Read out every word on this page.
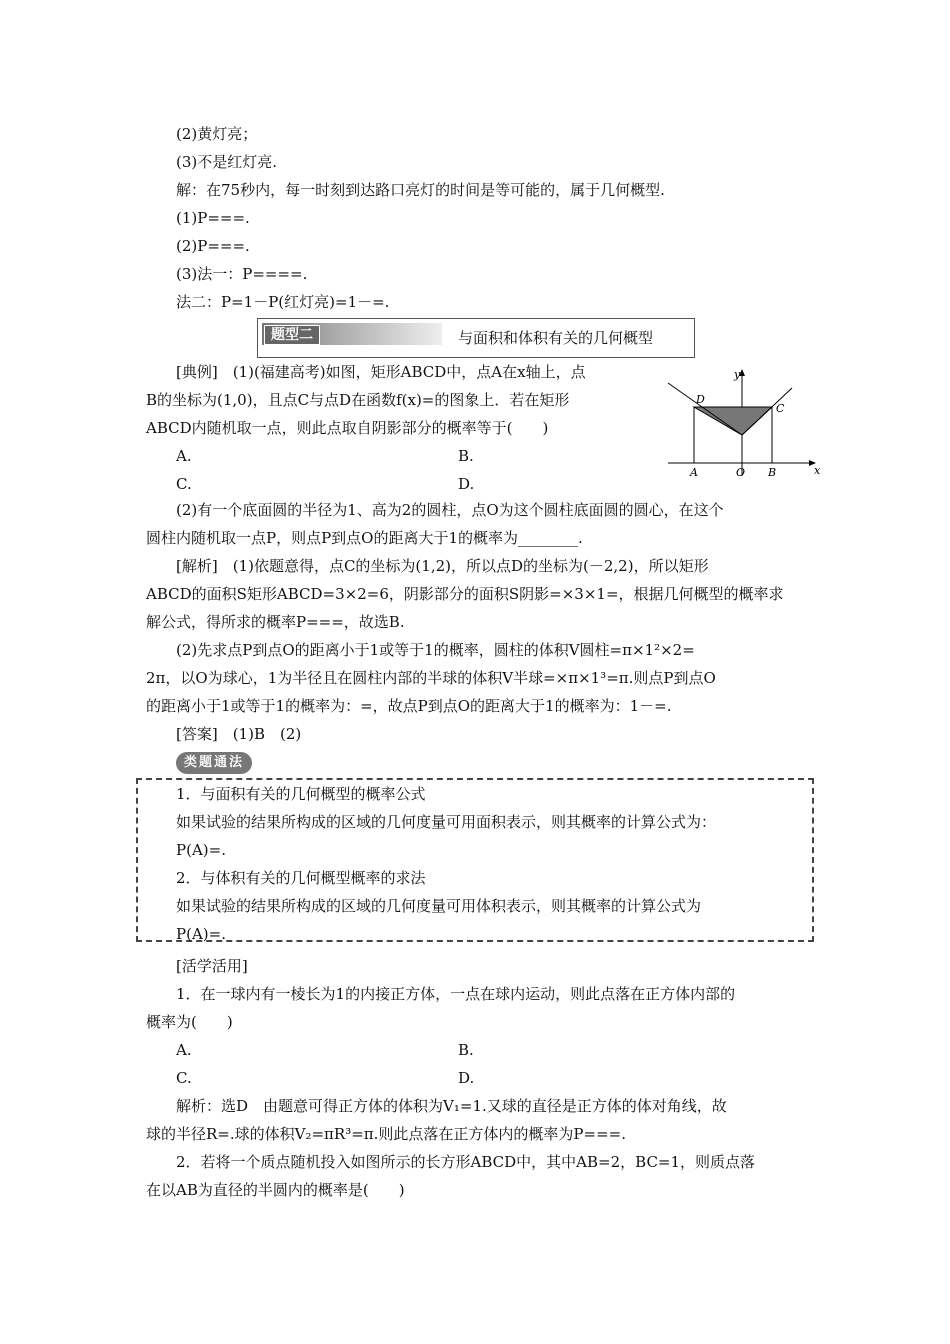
(2)黄灯亮；
(3)不是红灯亮.
解：在75秒内，每一时刻到达路口亮灯的时间是等可能的，属于几何概型.
(1)P===.
(2)P===.
(3)法一：P====.
法二：P=1－P(红灯亮)=1－=.
题型二	与面积和体积有关的几何概型
[典例]　(1)(福建高考)如图，矩形ABCD中，点A在x轴上，点
B的坐标为(1,0)，且点C与点D在函数f(x)=的图象上．若在矩形
ABCD内随机取一点，则此点取自阴影部分的概率等于(　　)
A.	B.
C.	D.
y
x
D
C
A	O B
(2)有一个底面圆的半径为1、高为2的圆柱，点O为这个圆柱底面圆的圆心，在这个
圆柱内随机取一点P，则点P到点O的距离大于1的概率为________.
[解析]　(1)依题意得，点C的坐标为(1,2)，所以点D的坐标为(－2,2)，所以矩形
ABCD的面积S矩形ABCD=3×2=6，阴影部分的面积S阴影=×3×1=，根据几何概型的概率求
解公式，得所求的概率P===，故选B.
(2)先求点P到点O的距离小于1或等于1的概率，圆柱的体积V圆柱=π×1²×2=
2π，以O为球心，1为半径且在圆柱内部的半球的体积V半球=×π×1³=π.则点P到点O
的距离小于1或等于1的概率为：=，故点P到点O的距离大于1的概率为：1－=.
[答案]　(1)B　(2)
类题通法
1．与面积有关的几何概型的概率公式
如果试验的结果所构成的区域的几何度量可用面积表示，则其概率的计算公式为：
P(A)=.
2．与体积有关的几何概型概率的求法
如果试验的结果所构成的区域的几何度量可用体积表示，则其概率的计算公式为
P(A)=.
[活学活用]
1．在一球内有一棱长为1的内接正方体，一点在球内运动，则此点落在正方体内部的
概率为(　　)
A.	B.
C.	D.
解析：选D　由题意可得正方体的体积为V₁=1.又球的直径是正方体的体对角线，故
球的半径R=.球的体积V₂=πR³=π.则此点落在正方体内的概率为P===.
2．若将一个质点随机投入如图所示的长方形ABCD中，其中AB=2，BC=1，则质点落
在以AB为直径的半圆内的概率是(　　)
